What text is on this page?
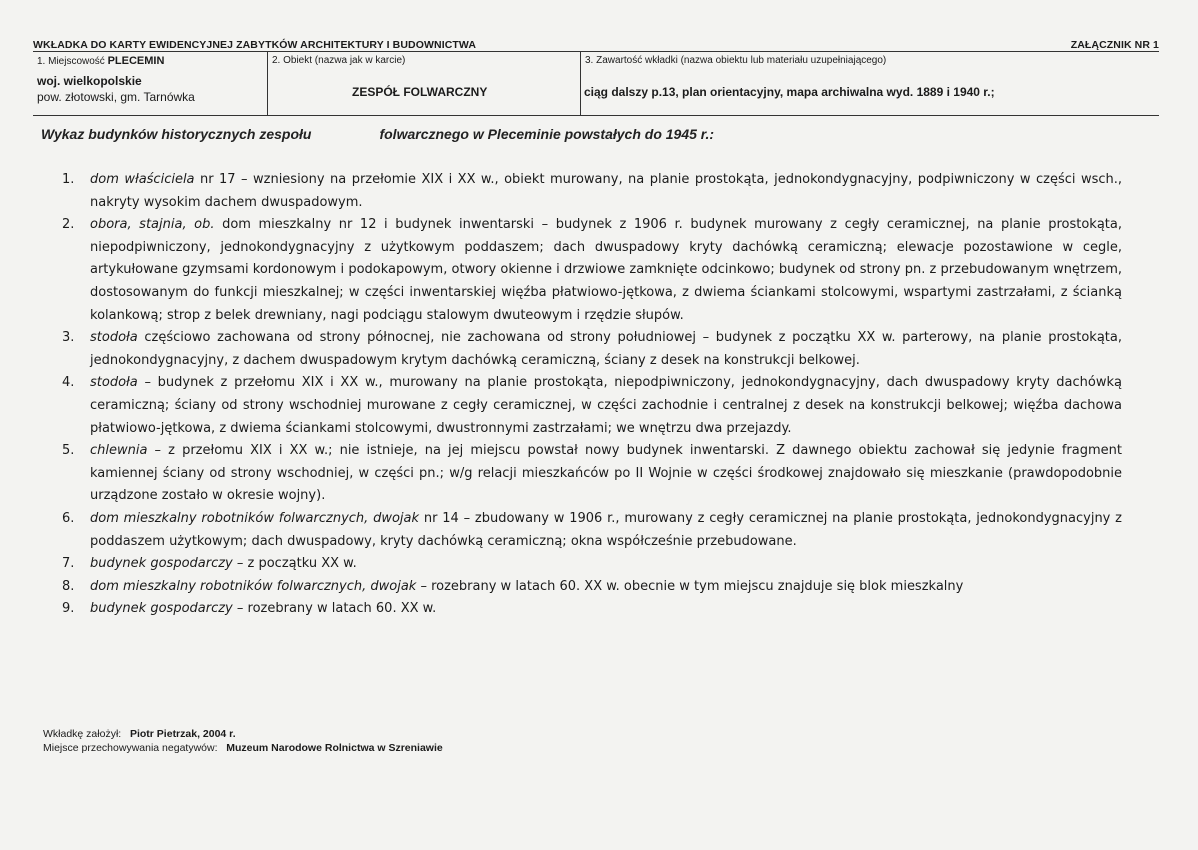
WKŁADKA DO KARTY EWIDENCYJNEJ ZABYTKÓW ARCHITEKTURY I BUDOWNICTWA	ZAŁĄCZNIK NR 1
1. Miejscowość PLECEMIN
woj. wielkopolskie
pow. złotowski, gm. Tarnówka
2. Obiekt (nazwa jak w karcie)
ZESPÓŁ FOLWARCZNY
3. Zawartość wkładki (nazwa obiektu lub materiału uzupełniającego)
ciąg dalszy p.13, plan orientacyjny, mapa archiwalna wyd. 1889 i 1940 r.;
Wykaz budynków historycznych zespołu	folwarcznego w Pleceminie powstałych do 1945 r.:
1. dom właściciela nr 17 – wzniesiony na przełomie XIX i XX w., obiekt murowany, na planie prostokąta, jednokondygnacyjny, podpiwniczony w części wsch., nakryty wysokim dachem dwuspadowym.
2. obora, stajnia, ob. dom mieszkalny nr 12 i budynek inwentarski – budynek z 1906 r. budynek murowany z cegły ceramicznej, na planie prostokąta, niepodpiwniczony, jednokondygnacyjny z użytkowym poddaszem; dach dwuspadowy kryty dachówką ceramiczną; elewacje pozostawione w cegle, artykułowane gzymsami kordonowym i podokapowym, otwory okienne i drzwiowe zamknięte odcinkowo; budynek od strony pn. z przebudowanym wnętrzem, dostosowanym do funkcji mieszkalnej; w części inwentarskiej więźba płatwiowo-jętkowa, z dwiema ściankami stolcowymi, wspartymi zastrzałami, z ścianką kolankową; strop z belek drewniany, nagi podciągu stalowym dwuteowym i rzędzie słupów.
3. stodoła częściowo zachowana od strony północnej, nie zachowana od strony południowej – budynek z początku XX w. parterowy, na planie prostokąta, jednokondygnacyjny, z dachem dwuspadowym krytym dachówką ceramiczną, ściany z desek na konstrukcji belkowej.
4. stodoła – budynek z przełomu XIX i XX w., murowany na planie prostokąta, niepodpiwniczony, jednokondygnacyjny, dach dwuspadowy kryty dachówką ceramiczną; ściany od strony wschodniej murowane z cegły ceramicznej, w części zachodnie i centralnej z desek na konstrukcji belkowej; więźba dachowa płatwiowo-jętkowa, z dwiema ściankami stolcowymi, dwustronnymi zastrzałami; we wnętrzu dwa przejazdy.
5. chlewnia – z przełomu XIX i XX w.; nie istnieje, na jej miejscu powstał nowy budynek inwentarski. Z dawnego obiektu zachował się jedynie fragment kamiennej ściany od strony wschodniej, w części pn.; w/g relacji mieszkańców po II Wojnie w części środkowej znajdowało się mieszkanie (prawdopodobnie urządzone zostało w okresie wojny).
6. dom mieszkalny robotników folwarcznych, dwojak nr 14 – zbudowany w 1906 r., murowany z cegły ceramicznej na planie prostokąta, jednokondygnacyjny z poddaszem użytkowym; dach dwuspadowy, kryty dachówką ceramiczną; okna współcześnie przebudowane.
7. budynek gospodarczy – z początku XX w.
8. dom mieszkalny robotników folwarcznych, dwojak – rozebrany w latach 60. XX w. obecnie w tym miejscu znajduje się blok mieszkalny
9. budynek gospodarczy – rozebrany w latach 60. XX w.
Wkładkę założył: Piotr Pietrzak, 2004 r.
Miejsce przechowywania negatywów: Muzeum Narodowe Rolnictwa w Szreniawie
